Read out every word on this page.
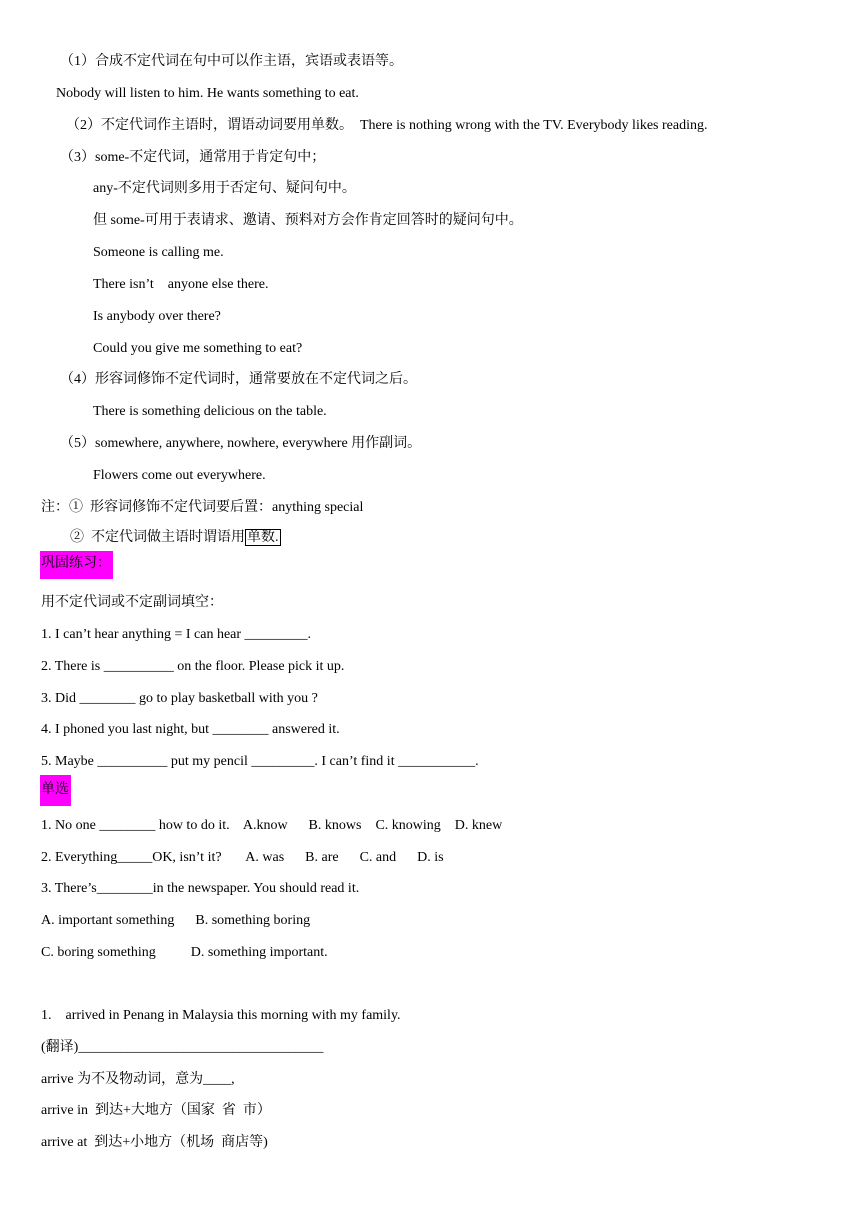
（1）合成不定代词在句中可以作主语，宾语或表语等。
Nobody will listen to him. He wants something to eat.
（2）不定代词作主语时，谓语动词要用单数。  There is nothing wrong with the TV. Everybody likes reading.
（3）some-不定代词，通常用于肯定句中；
any-不定代词则多用于否定句、疑问句中。
但 some-可用于表请求、邀请、预料对方会作肯定回答时的疑问句中。
Someone is calling me.
There isn’t    anyone else there.
Is anybody over there?
Could you give me something to eat?
（4）形容词修饰不定代词时，通常要放在不定代词之后。
There is something delicious on the table.
（5）somewhere, anywhere, nowhere, everywhere 用作副词。
Flowers come out everywhere.
注：①  形容词修饰不定代词要后置：anything special
②  不定代词做主语时谓语用 单数.
巩固练习：
用不定代词或不定副词填空：
1. I can’t hear anything = I can hear _________.
2. There is __________ on the floor. Please pick it up.
3. Did ________ go to play basketball with you ?
4. I phoned you last night, but ________ answered it.
5. Maybe __________ put my pencil _________. I can’t find it ___________.
单选
1. No one ________ how to do it.    A.know      B. knows    C. knowing    D. knew
2. Everything_____OK, isn’t it?       A. was      B. are      C. and      D. is
3. There’s________in the newspaper. You should read it.
A. important something      B. something boring
C. boring something          D. something important.
1.    arrived in Penang in Malaysia this morning with my family.
(翻译)___________________________________
arrive 为不及物动词，意为____,
arrive in  到达+大地方（国家  省  市）
arrive at  到达+小地方（机场  商店等)
